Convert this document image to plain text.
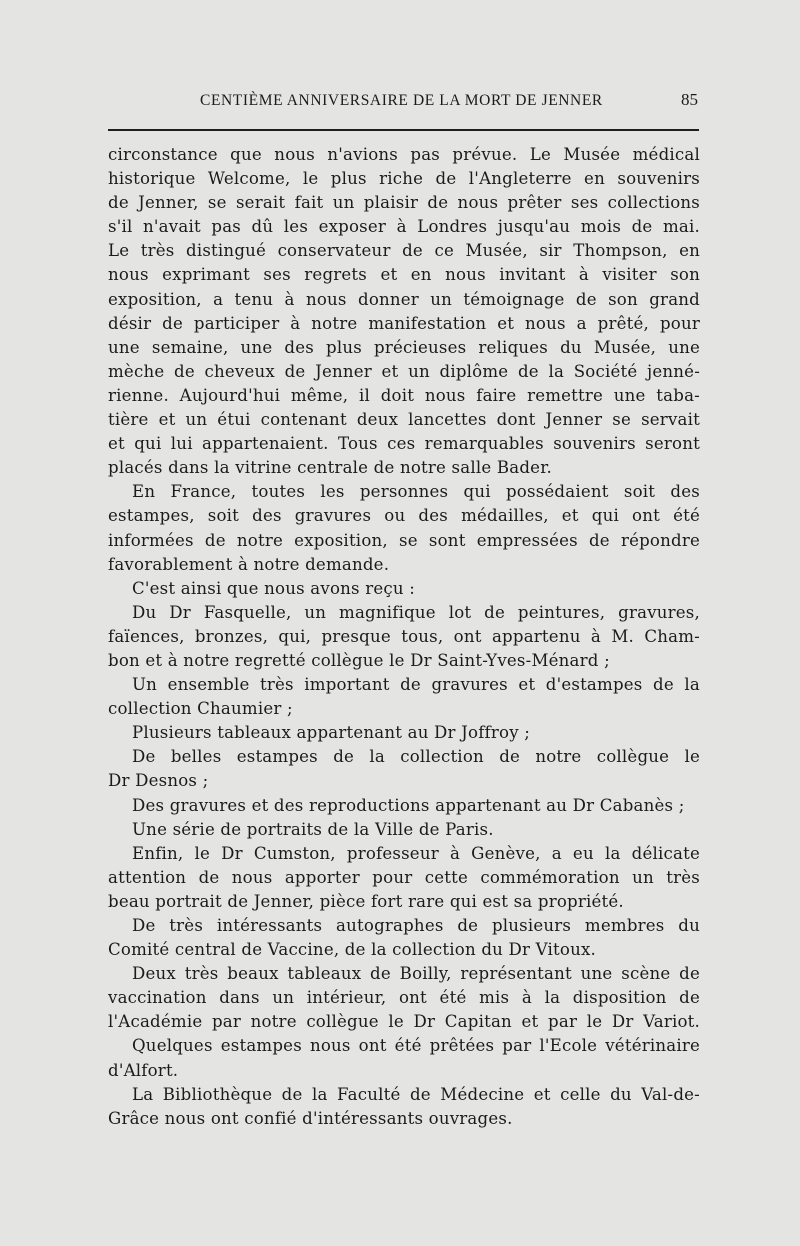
CENTIÈME ANNIVERSAIRE DE LA MORT DE JENNER	85
circonstance que nous n'avions pas prévue. Le Musée médical
historique Welcome, le plus riche de l'Angleterre en souvenirs
de Jenner, se serait fait un plaisir de nous prêter ses collections
s'il n'avait pas dû les exposer à Londres jusqu'au mois de mai.
Le très distingué conservateur de ce Musée, sir Thompson, en
nous exprimant ses regrets et en nous invitant à visiter son
exposition, a tenu à nous donner un témoignage de son grand
désir de participer à notre manifestation et nous a prêté, pour
une semaine, une des plus précieuses reliques du Musée, une
mèche de cheveux de Jenner et un diplôme de la Société jenné-
rienne. Aujourd'hui même, il doit nous faire remettre une taba-
tière et un étui contenant deux lancettes dont Jenner se servait
et qui lui appartenaient. Tous ces remarquables souvenirs seront
placés dans la vitrine centrale de notre salle Bader.
En France, toutes les personnes qui possédaient soit des
estampes, soit des gravures ou des médailles, et qui ont été
informées de notre exposition, se sont empressées de répondre
favorablement à notre demande.
C'est ainsi que nous avons reçu :
Du Dr Fasquelle, un magnifique lot de peintures, gravures,
faïences, bronzes, qui, presque tous, ont appartenu à M. Cham-
bon et à notre regretté collègue le Dr Saint-Yves-Ménard ;
Un ensemble très important de gravures et d'estampes de la
collection Chaumier ;
Plusieurs tableaux appartenant au Dr Joffroy ;
De belles estampes de la collection de notre collègue le
Dr Desnos ;
Des gravures et des reproductions appartenant au Dr Cabanès ;
Une série de portraits de la Ville de Paris.
Enfin, le Dr Cumston, professeur à Genève, a eu la délicate
attention de nous apporter pour cette commémoration un très
beau portrait de Jenner, pièce fort rare qui est sa propriété.
De très intéressants autographes de plusieurs membres du
Comité central de Vaccine, de la collection du Dr Vitoux.
Deux très beaux tableaux de Boilly, représentant une scène de
vaccination dans un intérieur, ont été mis à la disposition de
l'Académie par notre collègue le Dr Capitan et par le Dr Variot.
Quelques estampes nous ont été prêtées par l'Ecole vétérinaire
d'Alfort.
La Bibliothèque de la Faculté de Médecine et celle du Val-de-
Grâce nous ont confié d'intéressants ouvrages.
